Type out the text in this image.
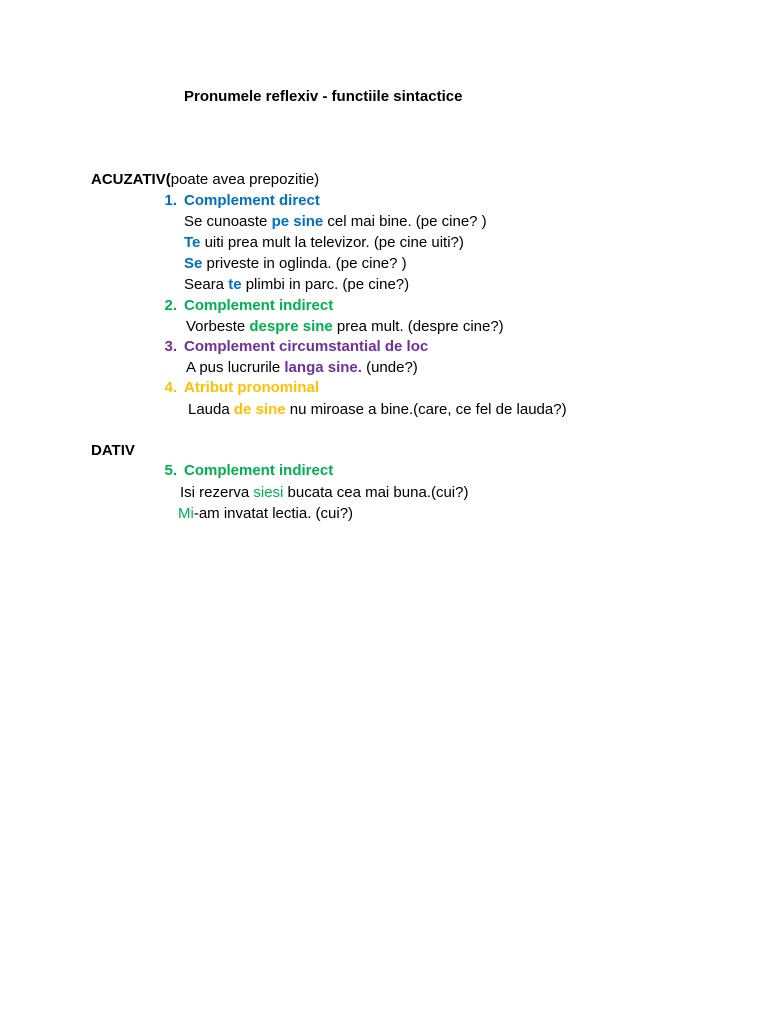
Pronumele reflexiv - functiile sintactice
ACUZATIV(poate avea prepozitie)
1. Complement direct
Se cunoaste pe sine cel mai bine. (pe cine? )
Te uiti prea mult la televizor. (pe cine uiti?)
Se priveste in oglinda. (pe cine? )
Seara te plimbi in parc. (pe cine?)
2. Complement indirect
Vorbeste despre sine prea mult. (despre cine?)
3. Complement circumstantial de loc
A pus lucrurile langa sine. (unde?)
4. Atribut pronominal
Lauda de sine nu miroase a bine.(care, ce fel de lauda?)
DATIV
5. Complement indirect
Isi rezerva siesi bucata cea mai buna.(cui?)
Mi-am invatat lectia. (cui?)
